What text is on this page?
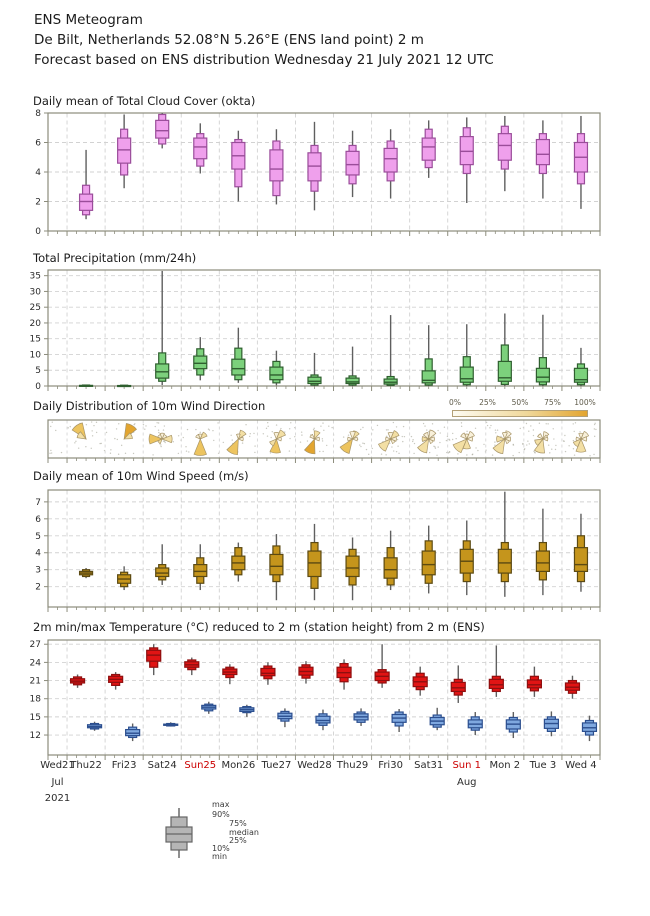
ENS Meteogram
De Bilt, Netherlands 52.08°N 5.26°E (ENS land point) 2 m
Forecast based on ENS distribution Wednesday 21 July 2021 12 UTC
Daily mean of Total Cloud Cover (okta)
Total Precipitation (mm/24h)
Daily Distribution of 10m Wind Direction
Daily mean of 10m Wind Speed (m/s)
2m min/max Temperature (°C) reduced to 2 m (station height) from 2 m (ENS)
0% 25% 50% 75% 100%
0
2
4
6
8
0
5
10
15
20
25
30
35
2
3
4
5
6
7
12
15
18
21
24
27
Wed21
Thu22 Fri23 Sat24 Sun25 Mon26 Tue27 Wed28 Thu29 Fri30 Sat31 Sun 1 Mon 2 Tue 3 Wed 4
Jul
2021
Aug
max
90%
75%
median
25%
10%
min
